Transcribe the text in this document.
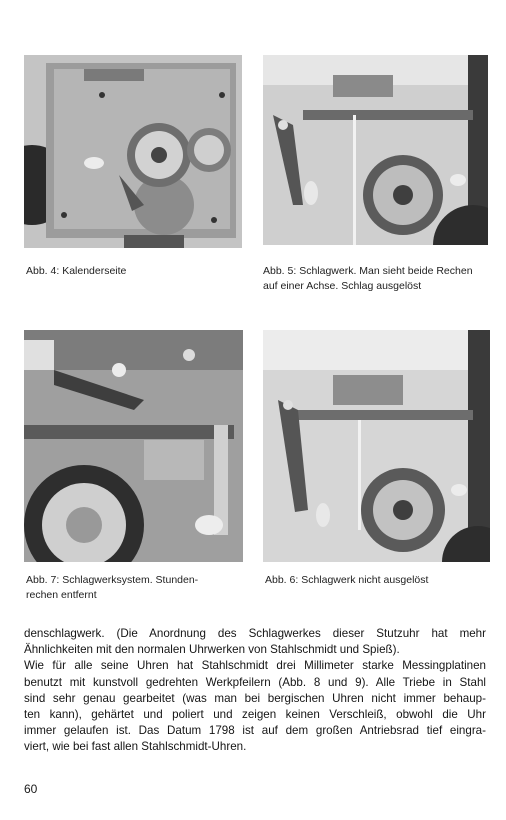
Abb. 4: Kalenderseite	Abb. 5: Schlagwerk. Man sieht beide Rechen
auf einer Achse. Schlag ausgelöst
Abb. 7: Schlagwerksystem. Stunden-
rechen entfernt
Abb. 6: Schlagwerk nicht ausgelöst
denschlagwerk. (Die Anordnung des Schlagwerkes dieser Stutzuhr hat mehr
Ähnlichkeiten mit den normalen Uhrwerken von Stahlschmidt und Spieß).
Wie für alle seine Uhren hat Stahlschmidt drei Millimeter starke Messingplatinen
benutzt mit kunstvoll gedrehten Werkpfeilern (Abb. 8 und 9). Alle Triebe in Stahl
sind sehr genau gearbeitet (was man bei bergischen Uhren nicht immer behaup-
ten kann), gehärtet und poliert und zeigen keinen Verschleiß, obwohl die Uhr
immer gelaufen ist. Das Datum 1798 ist auf dem großen Antriebsrad tief eingra-
viert, wie bei fast allen Stahlschmidt-Uhren.
60
